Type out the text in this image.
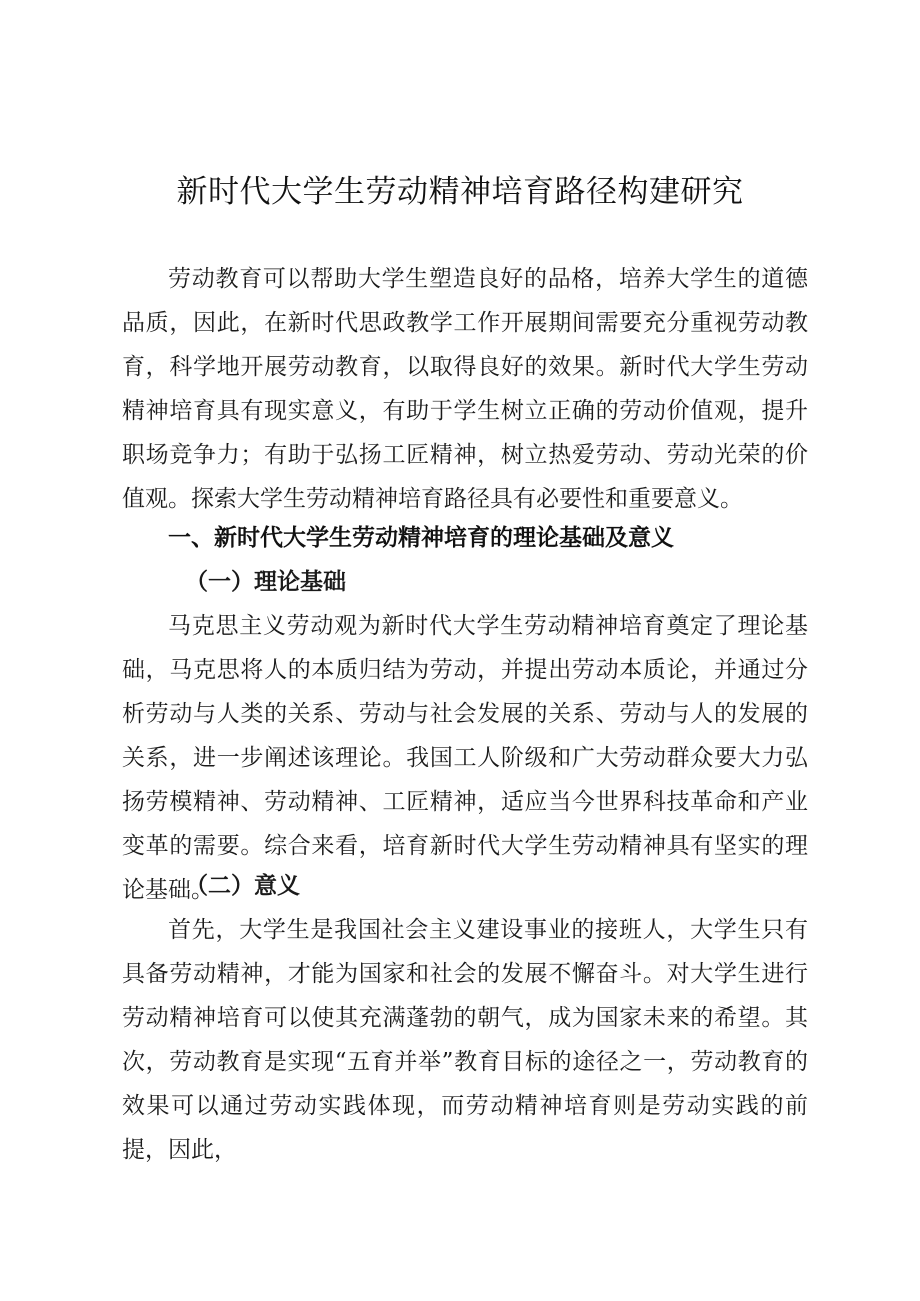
新时代大学生劳动精神培育路径构建研究

劳动教育可以帮助大学生塑造良好的品格，培养大学生的道德品质，因此，在新时代思政教学工作开展期间需要充分重视劳动教育，科学地开展劳动教育，以取得良好的效果。新时代大学生劳动精神培育具有现实意义，有助于学生树立正确的劳动价值观，提升职场竞争力；有助于弘扬工匠精神，树立热爱劳动、劳动光荣的价值观。探索大学生劳动精神培育路径具有必要性和重要意义。

一、新时代大学生劳动精神培育的理论基础及意义
（一）理论基础

马克思主义劳动观为新时代大学生劳动精神培育奠定了理论基础，马克思将人的本质归结为劳动，并提出劳动本质论，并通过分析劳动与人类的关系、劳动与社会发展的关系、劳动与人的发展的关系，进一步阐述该理论。我国工人阶级和广大劳动群众要大力弘扬劳模精神、劳动精神、工匠精神，适应当今世界科技革命和产业变革的需要。综合来看，培育新时代大学生劳动精神具有坚实的理论基础。

（二）意义

首先，大学生是我国社会主义建设事业的接班人，大学生只有具备劳动精神，才能为国家和社会的发展不懈奋斗。对大学生进行劳动精神培育可以使其充满蓬勃的朝气，成为国家未来的希望。其次，劳动教育是实现“五育并举”教育目标的途径之一，劳动教育的效果可以通过劳动实践体现，而劳动精神培育则是劳动实践的前提，因此，
